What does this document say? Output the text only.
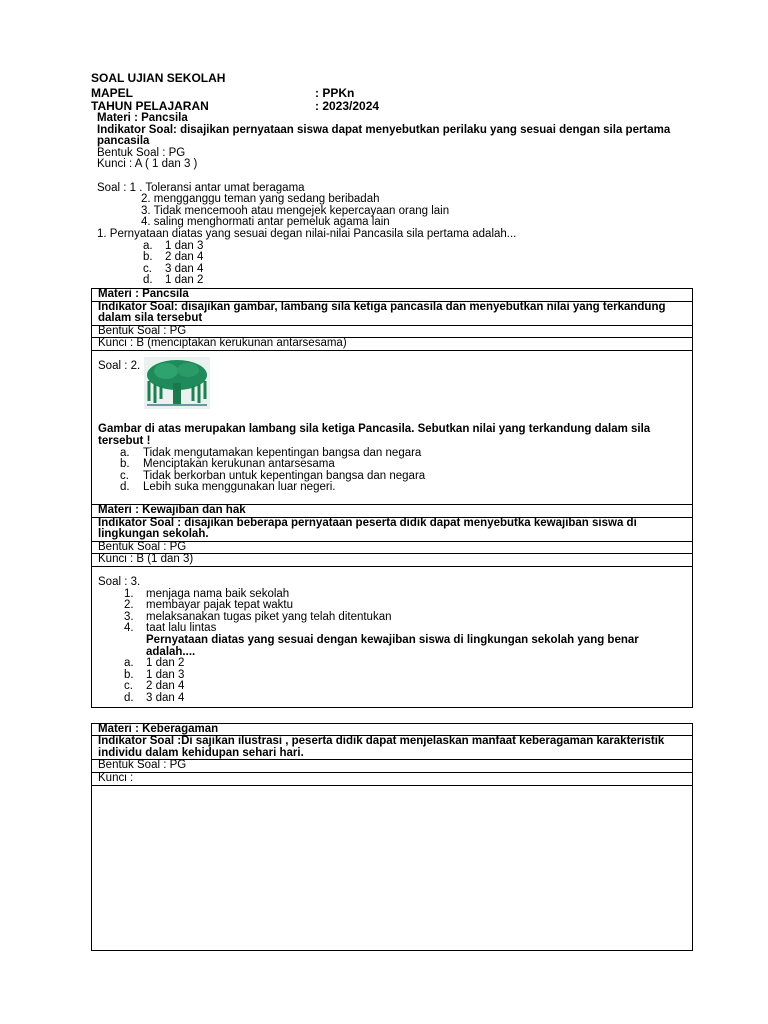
SOAL UJIAN SEKOLAH
MAPEL	: PPKn
TAHUN PELAJARAN	: 2023/2024
Materi : Pancsila
Indikator Soal: disajikan pernyataan siswa dapat menyebutkan perilaku yang sesuai dengan sila pertama pancasila
Bentuk Soal : PG
Kunci : A ( 1 dan 3 )
Soal : 1 . Toleransi antar umat beragama
2. mengganggu teman yang sedang beribadah
3. Tidak mencemooh atau mengejek kepercayaan orang lain
4. saling menghormati antar pemeluk agama lain
1. Pernyataan diatas yang sesuai degan nilai-nilai Pancasila sila pertama adalah...
a.	1 dan 3
b.	2 dan 4
c.	3 dan 4
d.	1 dan 2
Materi : Pancsila
Indikator Soal: disajikan gambar, lambang sila ketiga pancasila dan menyebutkan nilai yang terkandung dalam sila tersebut
Bentuk Soal : PG
Kunci : B (menciptakan kerukunan antarsesama)

Soal : 2.
Gambar di atas merupakan lambang sila ketiga Pancasila. Sebutkan nilai yang terkandung dalam sila tersebut !
a.	Tidak mengutamakan kepentingan bangsa dan negara
b.	Menciptakan kerukunan antarsesama
c.	Tidak berkorban untuk kepentingan bangsa dan negara
d.	Lebih suka menggunakan luar negeri.

Materi : Kewajiban dan hak
Indikator Soal : disajikan beberapa pernyataan peserta didik dapat menyebutka kewajiban siswa di lingkungan sekolah.
Bentuk Soal : PG
Kunci : B (1 dan 3)

Soal : 3.
1.	menjaga nama baik sekolah
2.	membayar pajak tepat waktu
3.	melaksanakan tugas piket yang telah ditentukan
4.	taat lalu lintas
Pernyataan diatas yang sesuai dengan kewajiban siswa di lingkungan sekolah yang benar adalah....
a.	1 dan 2
b.	1 dan 3
c.	2 dan 4
d.	3 dan 4
Materi : Keberagaman
Indikator Soal :Di sajikan ilustrasi , peserta didik dapat menjelaskan manfaat keberagaman karakteristik individu dalam kehidupan sehari hari.
Bentuk Soal : PG
Kunci :
